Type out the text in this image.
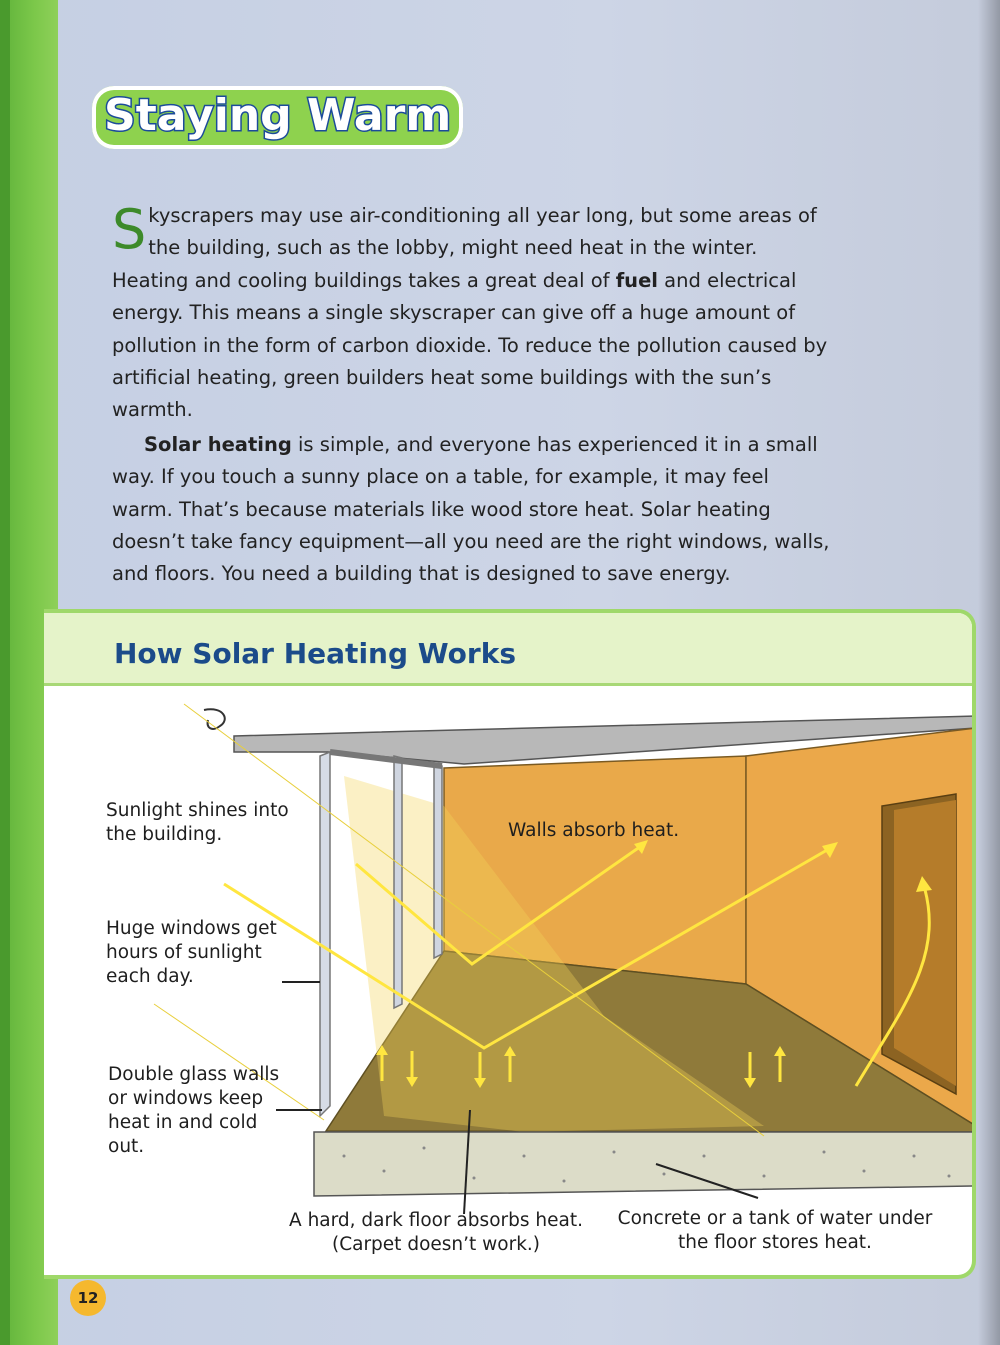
Staying Warm

Skyscrapers may use air-conditioning all year long, but some areas of the building, such as the lobby, might need heat in the winter. Heating and cooling buildings takes a great deal of fuel and electrical energy. This means a single skyscraper can give off a huge amount of pollution in the form of carbon dioxide. To reduce the pollution caused by artificial heating, green builders heat some buildings with the sun’s warmth.

Solar heating is simple, and everyone has experienced it in a small way. If you touch a sunny place on a table, for example, it may feel warm. That’s because materials like wood store heat. Solar heating doesn’t take fancy equipment—all you need are the right windows, walls, and floors. You need a building that is designed to save energy.

How Solar Heating Works
Sunlight shines into the building.
Huge windows get hours of sunlight each day.
Double glass walls or windows keep heat in and cold out.
Walls absorb heat.
A hard, dark floor absorbs heat. (Carpet doesn’t work.)
Concrete or a tank of water under the floor stores heat.
12
